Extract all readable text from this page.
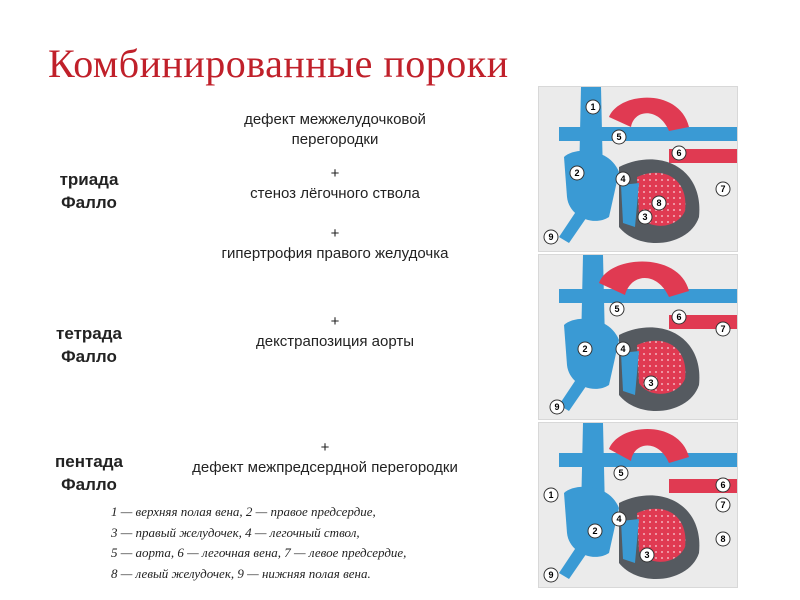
Комбинированные пороки
триада
Фалло
тетрада
Фалло
пентада
Фалло
дефект межжелудочковой
перегородки
+
стеноз лёгочного ствола
+
гипертрофия правого желудочка
+
декстрапозиция аорты
+
дефект межпредсердной перегородки
1 — верхняя полая вена, 2 — правое предсердие,
3 — правый желудочек, 4 — легочный ствол,
5 — аорта, 6 — легочная вена, 7 — левое предсердие,
8 — левый желудочек, 9 — нижняя полая вена.
1
2
3
4
5
6
7
8
9
2
3
4
5
6
7
9
1
2
3
4
5
6
7
8
9
